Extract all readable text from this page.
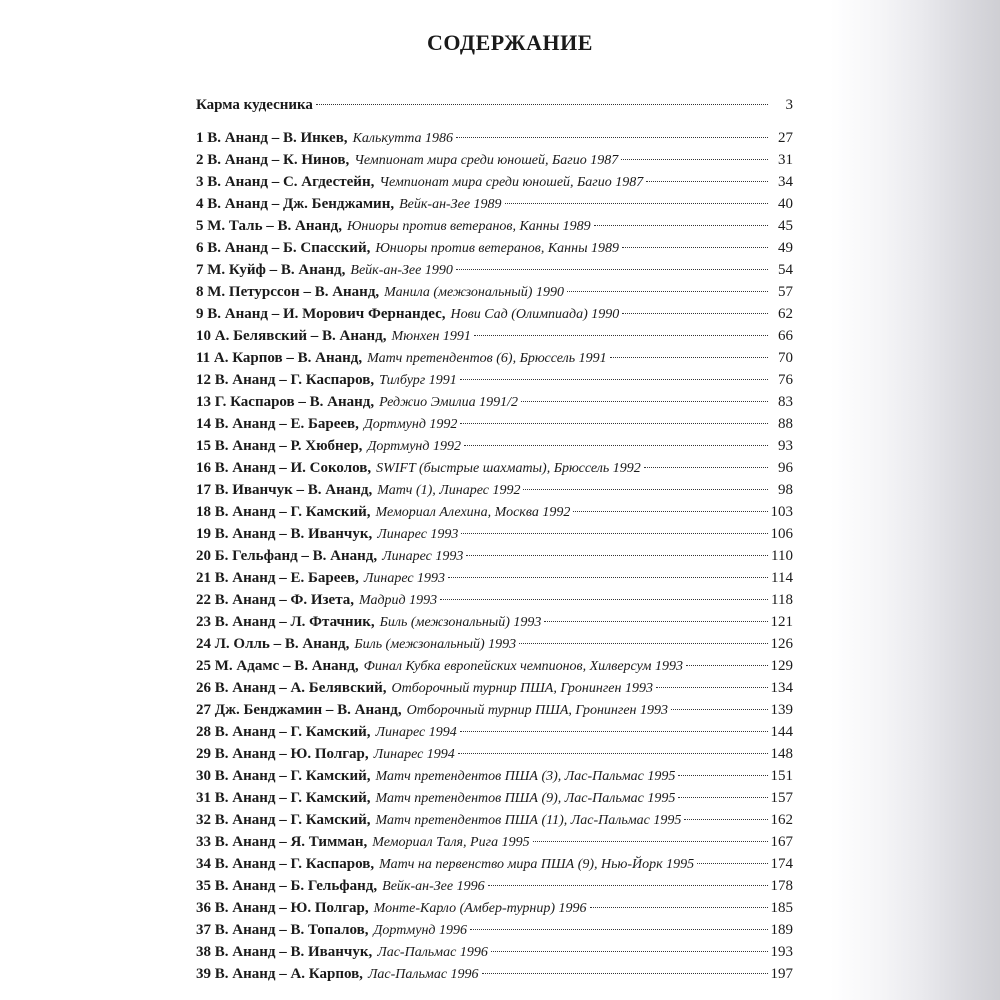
СОДЕРЖАНИЕ
Карма кудесника	3
1 В. Ананд – В. Инкев, Калькутта 1986	27
2 В. Ананд – К. Нинов, Чемпионат мира среди юношей, Багио 1987	31
3 В. Ананд – С. Агдестейн, Чемпионат мира среди юношей, Багио 1987	34
4 В. Ананд – Дж. Бенджамин, Вейк-ан-Зее 1989	40
5 М. Таль – В. Ананд, Юниоры против ветеранов, Канны 1989	45
6 В. Ананд – Б. Спасский, Юниоры против ветеранов, Канны 1989	49
7 М. Куйф – В. Ананд, Вейк-ан-Зее 1990	54
8 М. Петурссон – В. Ананд, Манила (межзональный) 1990	57
9 В. Ананд – И. Морович Фернандес, Нови Сад (Олимпиада) 1990	62
10 А. Белявский – В. Ананд, Мюнхен 1991	66
11 А. Карпов – В. Ананд, Матч претендентов (6), Брюссель 1991	70
12 В. Ананд – Г. Каспаров, Тилбург 1991	76
13 Г. Каспаров – В. Ананд, Реджио Эмилиа 1991/2	83
14 В. Ананд – Е. Бареев, Дортмунд 1992	88
15 В. Ананд – Р. Хюбнер, Дортмунд 1992	93
16 В. Ананд – И. Соколов, SWIFT (быстрые шахматы), Брюссель 1992	96
17 В. Иванчук – В. Ананд, Матч (1), Линарес 1992	98
18 В. Ананд – Г. Камский, Мемориал Алехина, Москва 1992	103
19 В. Ананд – В. Иванчук, Линарес 1993	106
20 Б. Гельфанд – В. Ананд, Линарес 1993	110
21 В. Ананд – Е. Бареев, Линарес 1993	114
22 В. Ананд – Ф. Изета, Мадрид 1993	118
23 В. Ананд – Л. Фтачник, Биль (межзональный) 1993	121
24 Л. Олль – В. Ананд, Биль (межзональный) 1993	126
25 М. Адамс – В. Ананд, Финал Кубка европейских чемпионов, Хилверсум 1993	129
26 В. Ананд – А. Белявский, Отборочный турнир ПША, Гронинген 1993	134
27 Дж. Бенджамин – В. Ананд, Отборочный турнир ПША, Гронинген 1993	139
28 В. Ананд – Г. Камский, Линарес 1994	144
29 В. Ананд – Ю. Полгар, Линарес 1994	148
30 В. Ананд – Г. Камский, Матч претендентов ПША (3), Лас-Пальмас 1995	151
31 В. Ананд – Г. Камский, Матч претендентов ПША (9), Лас-Пальмас 1995	157
32 В. Ананд – Г. Камский, Матч претендентов ПША (11), Лас-Пальмас 1995	162
33 В. Ананд – Я. Тимман, Мемориал Таля, Рига 1995	167
34 В. Ананд – Г. Каспаров, Матч на первенство мира ПША (9), Нью-Йорк 1995	174
35 В. Ананд – Б. Гельфанд, Вейк-ан-Зее 1996	178
36 В. Ананд – Ю. Полгар, Монте-Карло (Амбер-турнир) 1996	185
37 В. Ананд – В. Топалов, Дортмунд 1996	189
38 В. Ананд – В. Иванчук, Лас-Пальмас 1996	193
39 В. Ананд – А. Карпов, Лас-Пальмас 1996	197
